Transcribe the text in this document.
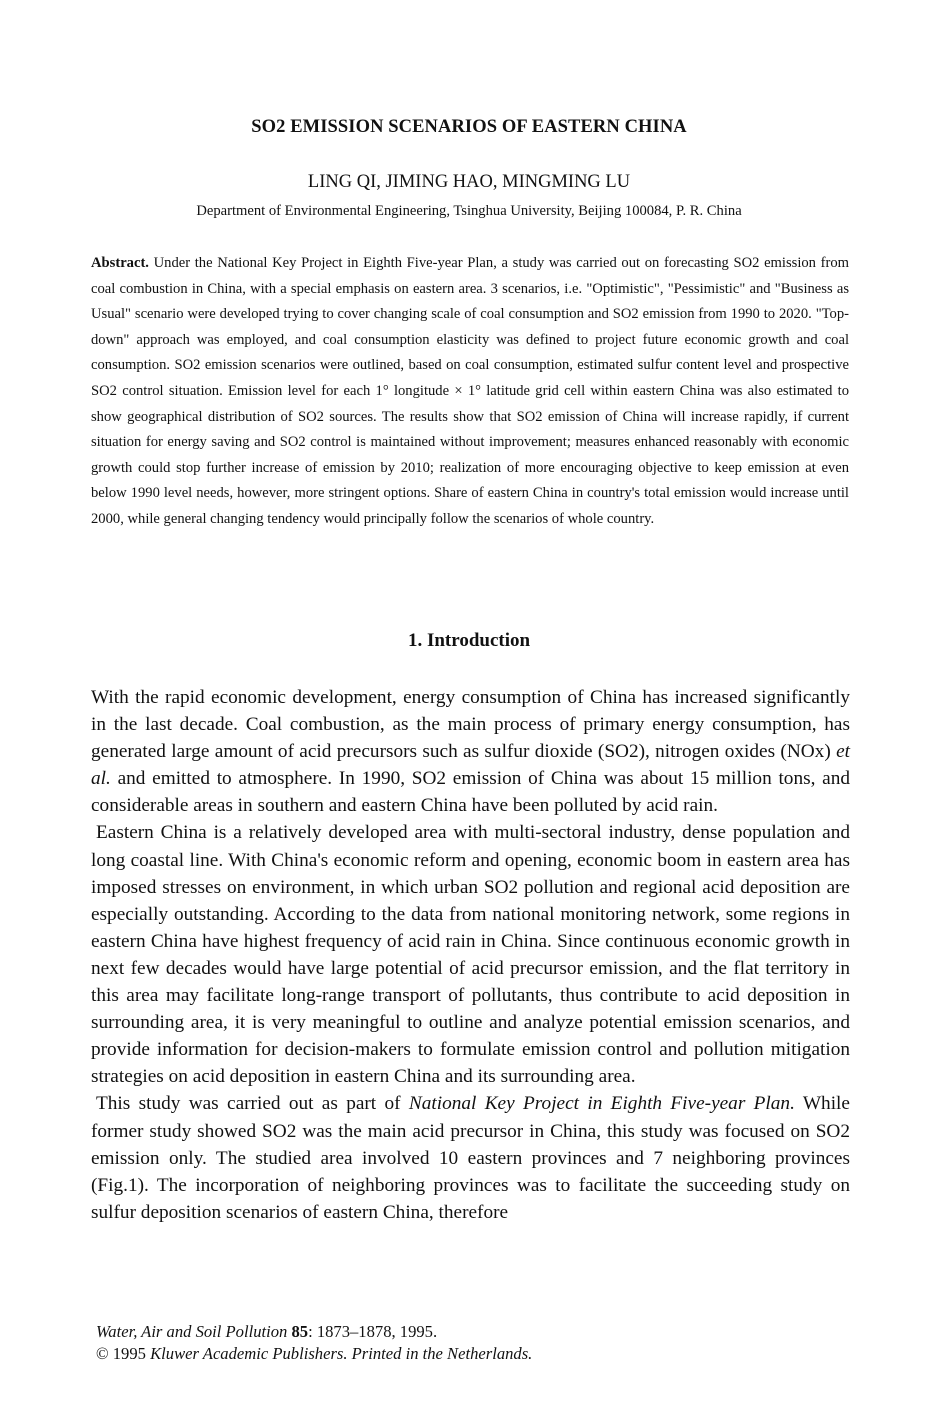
SO2 EMISSION SCENARIOS OF EASTERN CHINA
LING QI, JIMING HAO, MINGMING LU
Department of Environmental Engineering, Tsinghua University, Beijing 100084, P. R. China
Abstract. Under the National Key Project in Eighth Five-year Plan, a study was carried out on forecasting SO2 emission from coal combustion in China, with a special emphasis on eastern area. 3 scenarios, i.e. "Optimistic", "Pessimistic" and "Business as Usual" scenario were developed trying to cover changing scale of coal consumption and SO2 emission from 1990 to 2020. "Top-down" approach was employed, and coal consumption elasticity was defined to project future economic growth and coal consumption. SO2 emission scenarios were outlined, based on coal consumption, estimated sulfur content level and prospective SO2 control situation. Emission level for each 1° longitude × 1° latitude grid cell within eastern China was also estimated to show geographical distribution of SO2 sources. The results show that SO2 emission of China will increase rapidly, if current situation for energy saving and SO2 control is maintained without improvement; measures enhanced reasonably with economic growth could stop further increase of emission by 2010; realization of more encouraging objective to keep emission at even below 1990 level needs, however, more stringent options. Share of eastern China in country's total emission would increase until 2000, while general changing tendency would principally follow the scenarios of whole country.
1. Introduction

With the rapid economic development, energy consumption of China has increased significantly in the last decade. Coal combustion, as the main process of primary energy consumption, has generated large amount of acid precursors such as sulfur dioxide (SO2), nitrogen oxides (NOx) et al. and emitted to atmosphere. In 1990, SO2 emission of China was about 15 million tons, and considerable areas in southern and eastern China have been polluted by acid rain.

Eastern China is a relatively developed area with multi-sectoral industry, dense population and long coastal line. With China's economic reform and opening, economic boom in eastern area has imposed stresses on environment, in which urban SO2 pollution and regional acid deposition are especially outstanding. According to the data from national monitoring network, some regions in eastern China have highest frequency of acid rain in China. Since continuous economic growth in next few decades would have large potential of acid precursor emission, and the flat territory in this area may facilitate long-range transport of pollutants, thus contribute to acid deposition in surrounding area, it is very meaningful to outline and analyze potential emission scenarios, and provide information for decision-makers to formulate emission control and pollution mitigation strategies on acid deposition in eastern China and its surrounding area.

This study was carried out as part of National Key Project in Eighth Five-year Plan. While former study showed SO2 was the main acid precursor in China, this study was focused on SO2 emission only. The studied area involved 10 eastern provinces and 7 neighboring provinces (Fig.1). The incorporation of neighboring provinces was to facilitate the succeeding study on sulfur deposition scenarios of eastern China, therefore

Water, Air and Soil Pollution 85: 1873–1878, 1995.
© 1995 Kluwer Academic Publishers. Printed in the Netherlands.
